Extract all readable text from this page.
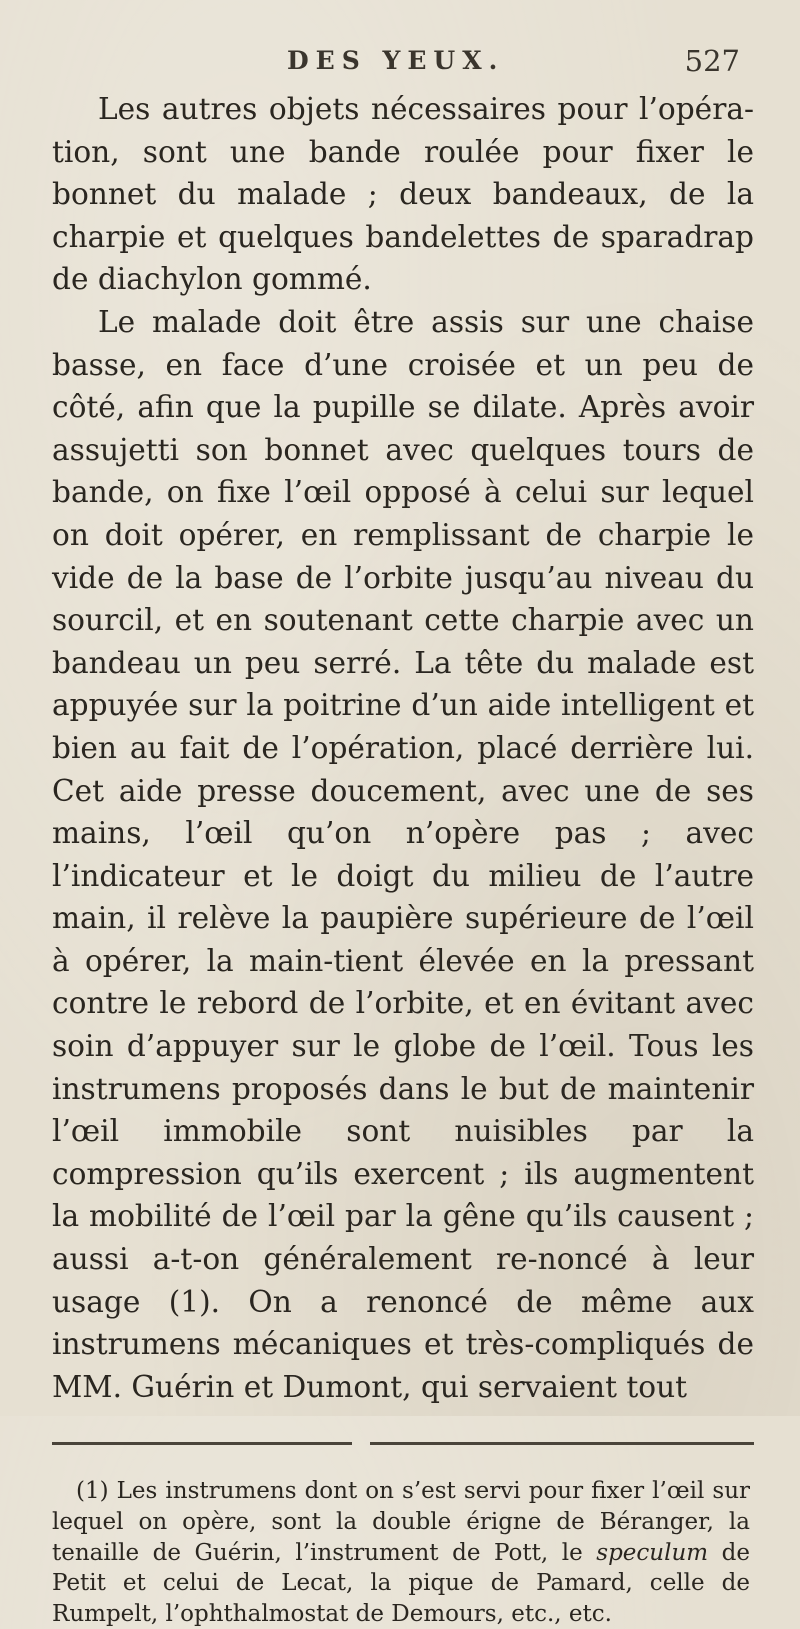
DES YEUX.	527

Les autres objets nécessaires pour l’opéra-tion, sont une bande roulée pour fixer le bonnet du malade ; deux bandeaux, de la charpie et quelques bandelettes de sparadrap de diachylon gommé.

Le malade doit être assis sur une chaise basse, en face d’une croisée et un peu de côté, afin que la pupille se dilate. Après avoir assujetti son bonnet avec quelques tours de bande, on fixe l’œil opposé à celui sur lequel on doit opérer, en remplissant de charpie le vide de la base de l’orbite jusqu’au niveau du sourcil, et en soutenant cette charpie avec un bandeau un peu serré. La tête du malade est appuyée sur la poitrine d’un aide intelligent et bien au fait de l’opération, placé derrière lui. Cet aide presse doucement, avec une de ses mains, l’œil qu’on n’opère pas ; avec l’indicateur et le doigt du milieu de l’autre main, il relève la paupière supérieure de l’œil à opérer, la main-tient élevée en la pressant contre le rebord de l’orbite, et en évitant avec soin d’appuyer sur le globe de l’œil. Tous les instrumens proposés dans le but de maintenir l’œil immobile sont nuisibles par la compression qu’ils exercent ; ils augmentent la mobilité de l’œil par la gêne qu’ils causent ; aussi a-t-on généralement re-noncé à leur usage (1). On a renoncé de même aux instrumens mécaniques et très-compliqués de MM. Guérin et Dumont, qui servaient tout

(1) Les instrumens dont on s’est servi pour fixer l’œil sur lequel on opère, sont la double érigne de Béranger, la tenaille de Guérin, l’instrument de Pott, le speculum de Petit et celui de Lecat, la pique de Pamard, celle de Rumpelt, l’ophthalmostat de Demours, etc., etc.
